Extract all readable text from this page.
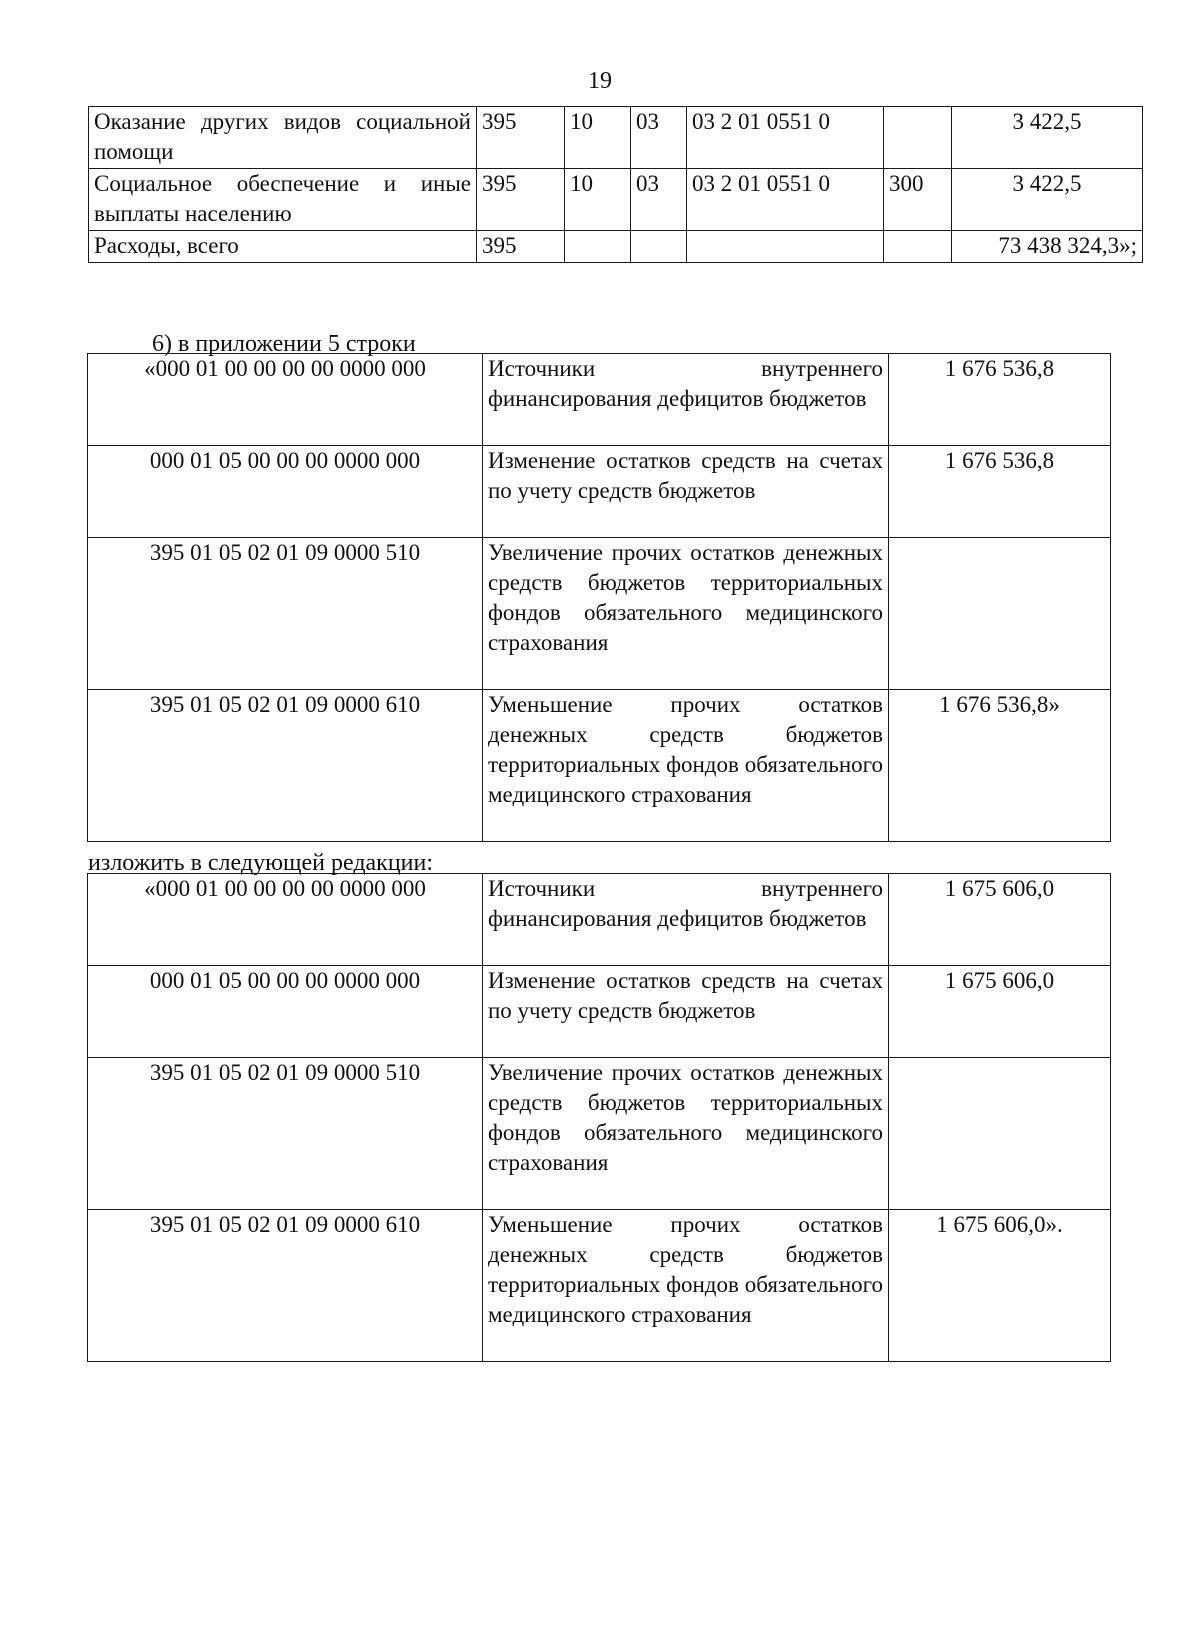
19
Оказание других видов социальной помощи	395	10	03	03 2 01 0551 0		3 422,5

Социальное обеспечение и иные выплаты населению	395	10	03	03 2 01 0551 0	300	3 422,5
Расходы, всего	395					73 438 324,3»;
6) в приложении 5 строки
«000 01 00 00 00 00 0000 000	Источники внутреннего финансирования дефицитов бюджетов	1 676 536,8
000 01 05 00 00 00 0000 000	Изменение остатков средств на счетах по учету средств бюджетов	1 676 536,8
395 01 05 02 01 09 0000 510	Увеличение прочих остатков денежных средств бюджетов территориальных фондов обязательного медицинского страхования	

395 01 05 02 01 09 0000 610	Уменьшение прочих остатков денежных средств бюджетов территориальных фондов обязательного медицинского страхования	1 676 536,8»
изложить в следующей редакции:
«000 01 00 00 00 00 0000 000	Источники внутреннего финансирования дефицитов бюджетов	1 675 606,0
000 01 05 00 00 00 0000 000	Изменение остатков средств на счетах по учету средств бюджетов	1 675 606,0
395 01 05 02 01 09 0000 510	Увеличение прочих остатков денежных средств бюджетов территориальных фондов обязательного медицинского страхования	

395 01 05 02 01 09 0000 610	Уменьшение прочих остатков денежных средств бюджетов территориальных фондов обязательного медицинского страхования	1 675 606,0».
